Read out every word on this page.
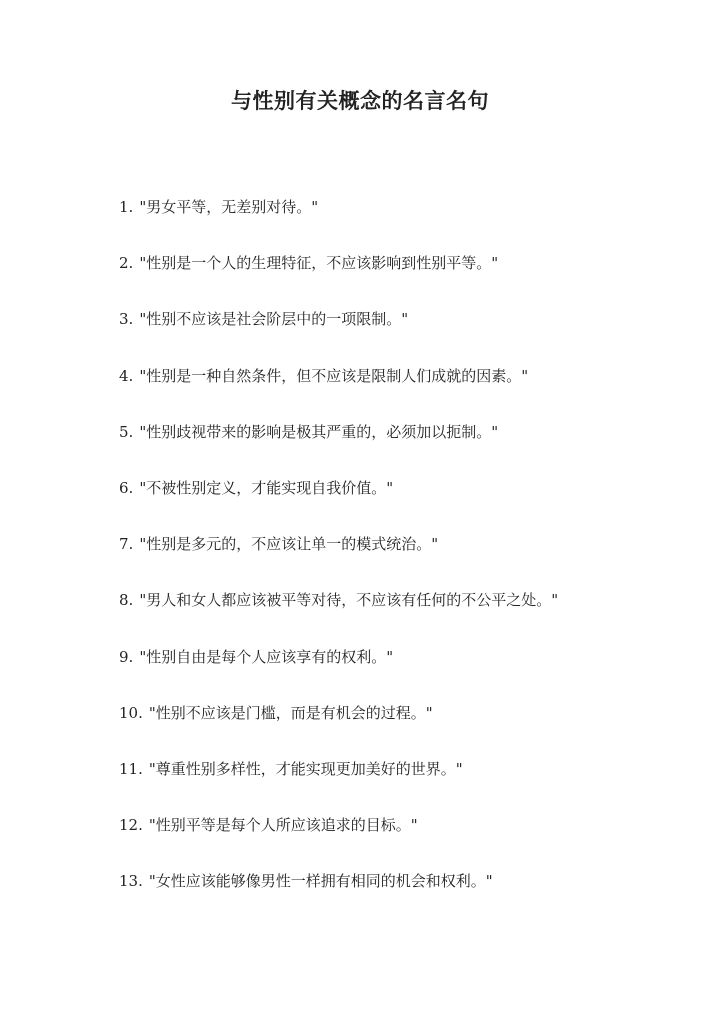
与性别有关概念的名言名句
1. "男女平等，无差别对待。"
2. "性别是一个人的生理特征，不应该影响到性别平等。"
3. "性别不应该是社会阶层中的一项限制。"
4. "性别是一种自然条件，但不应该是限制人们成就的因素。"
5. "性别歧视带来的影响是极其严重的，必须加以扼制。"
6. "不被性别定义，才能实现自我价值。"
7. "性别是多元的，不应该让单一的模式统治。"
8. "男人和女人都应该被平等对待，不应该有任何的不公平之处。"
9. "性别自由是每个人应该享有的权利。"
10. "性别不应该是门槛，而是有机会的过程。"
11. "尊重性别多样性，才能实现更加美好的世界。"
12. "性别平等是每个人所应该追求的目标。"
13. "女性应该能够像男性一样拥有相同的机会和权利。"
